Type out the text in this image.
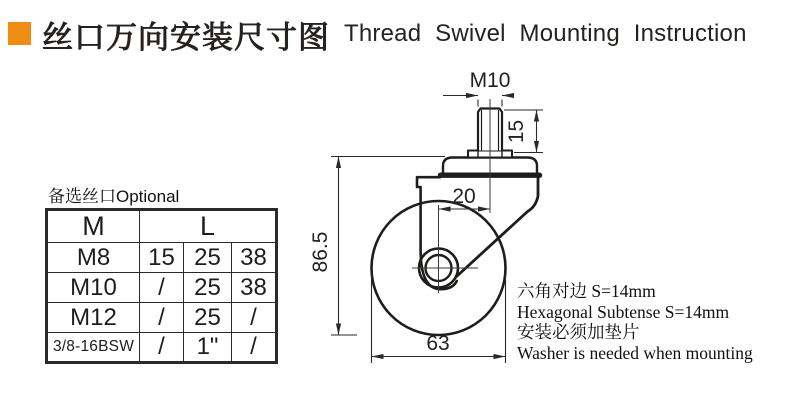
丝口万向安装尺寸图 Thread Swivel Mounting Instruction
备选丝口Optional
M	L		
M8	15	25	38
M10	/	25	38
M12	/	25	/
3/8-16BSW	/	1"	/
M10
15
20
86.5
63
六角对边 S=14mm
Hexagonal Subtense S=14mm
安装必须加垫片
Washer is needed when mounting
